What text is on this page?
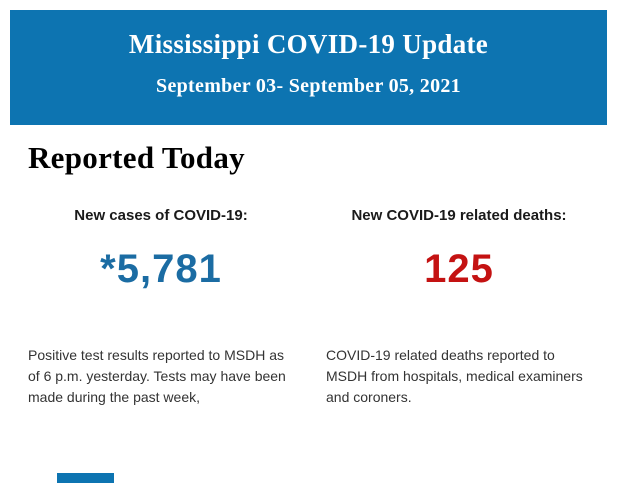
Mississippi COVID-19 Update
September 03- September 05, 2021
Reported Today
New cases of COVID-19:	New COVID-19 related deaths:
*5,781	125
Positive test results reported to MSDH as of 6 p.m. yesterday. Tests may have been made during the past week,
COVID-19 related deaths reported to MSDH from hospitals, medical examiners and coroners.
